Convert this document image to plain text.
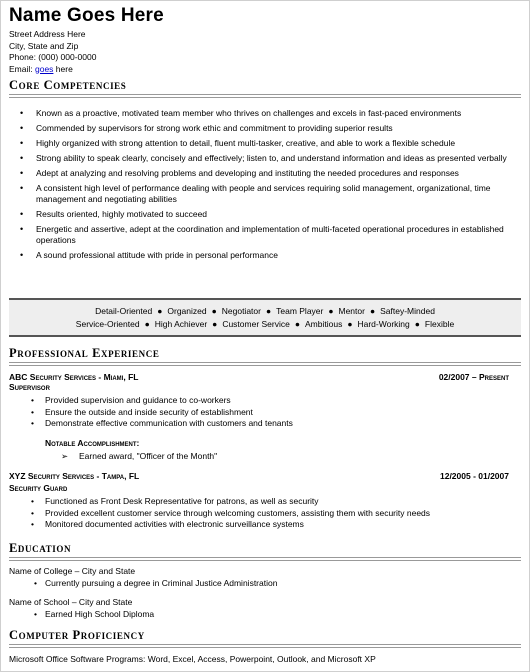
Name Goes Here
Street Address Here
City, State and Zip
Phone: (000) 000-0000
Email: goes here
Core Competencies
• Known as a proactive, motivated team member who thrives on challenges and excels in fast-paced environments
• Commended by supervisors for strong work ethic and commitment to providing superior results
• Highly organized with strong attention to detail, fluent multi-tasker, creative, and able to work a flexible schedule
• Strong ability to speak clearly, concisely and effectively; listen to, and understand information and ideas as presented verbally
• Adept at analyzing and resolving problems and developing and instituting the needed procedures and responses
• A consistent high level of performance dealing with people and services requiring solid management, organizational, time management and negotiating abilities
• Results oriented, highly motivated to succeed
• Energetic and assertive, adept at the coordination and implementation of multi-faceted operational procedures in established operations
• A sound professional attitude with pride in personal performance
Detail-Oriented ● Organized ● Negotiator ● Team Player ● Mentor ● Saftey-Minded
Service-Oriented ● High Achiever ● Customer Service ● Ambitious ● Hard-Working ● Flexible
Professional Experience
ABC Security Services - Miami, FL	02/2007 – Present
Supervisor
• Provided supervision and guidance to co-workers
• Ensure the outside and inside security of establishment
• Demonstrate effective communication with customers and tenants
Notable Accomplishment:
➢ Earned award, "Officer of the Month"
XYZ Security Services - Tampa, FL	12/2005 - 01/2007
Security Guard
• Functioned as Front Desk Representative for patrons, as well as security
• Provided excellent customer service through welcoming customers, assisting them with security needs
• Monitored documented activities with electronic surveillance systems
Education
Name of College – City and State
• Currently pursuing a degree in Criminal Justice Administration
Name of School – City and State
• Earned High School Diploma
Computer Proficiency
Microsoft Office Software Programs: Word, Excel, Access, Powerpoint, Outlook, and Microsoft XP
